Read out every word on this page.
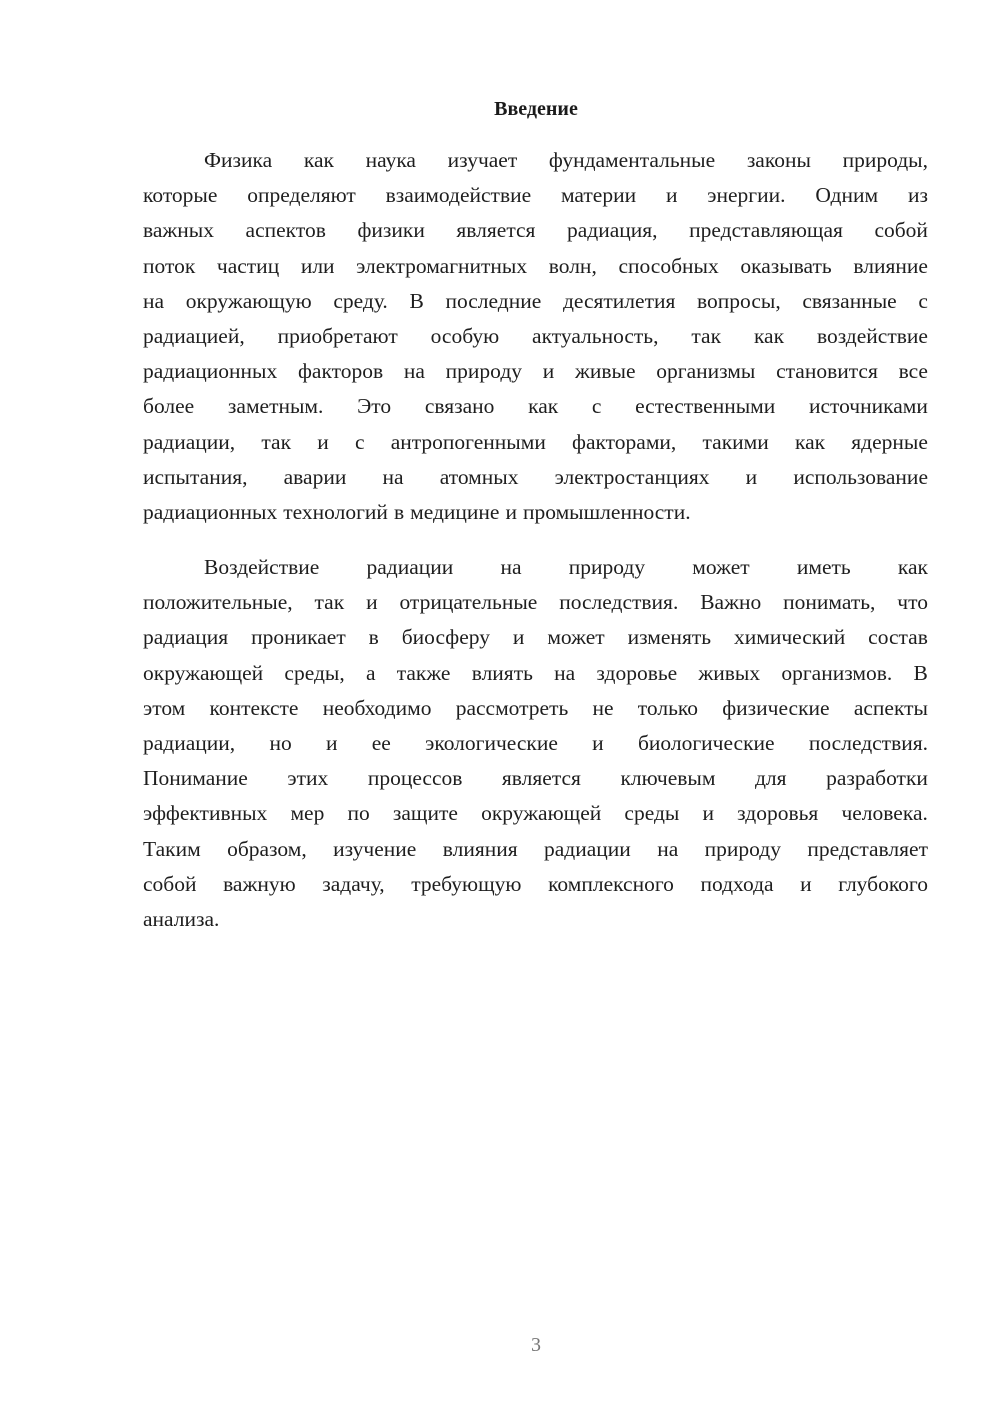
Введение
Физика как наука изучает фундаментальные законы природы,
которые определяют взаимодействие материи и энергии. Одним из
важных аспектов физики является радиация, представляющая собой
поток частиц или электромагнитных волн, способных оказывать влияние
на окружающую среду. В последние десятилетия вопросы, связанные с
радиацией, приобретают особую актуальность, так как воздействие
радиационных факторов на природу и живые организмы становится все
более заметным. Это связано как с естественными источниками
радиации, так и с антропогенными факторами, такими как ядерные
испытания, аварии на атомных электростанциях и использование
радиационных технологий в медицине и промышленности.
Воздействие радиации на природу может иметь как
положительные, так и отрицательные последствия. Важно понимать, что
радиация проникает в биосферу и может изменять химический состав
окружающей среды, а также влиять на здоровье живых организмов. В
этом контексте необходимо рассмотреть не только физические аспекты
радиации, но и ее экологические и биологические последствия.
Понимание этих процессов является ключевым для разработки
эффективных мер по защите окружающей среды и здоровья человека.
Таким образом, изучение влияния радиации на природу представляет
собой важную задачу, требующую комплексного подхода и глубокого
анализа.
3
